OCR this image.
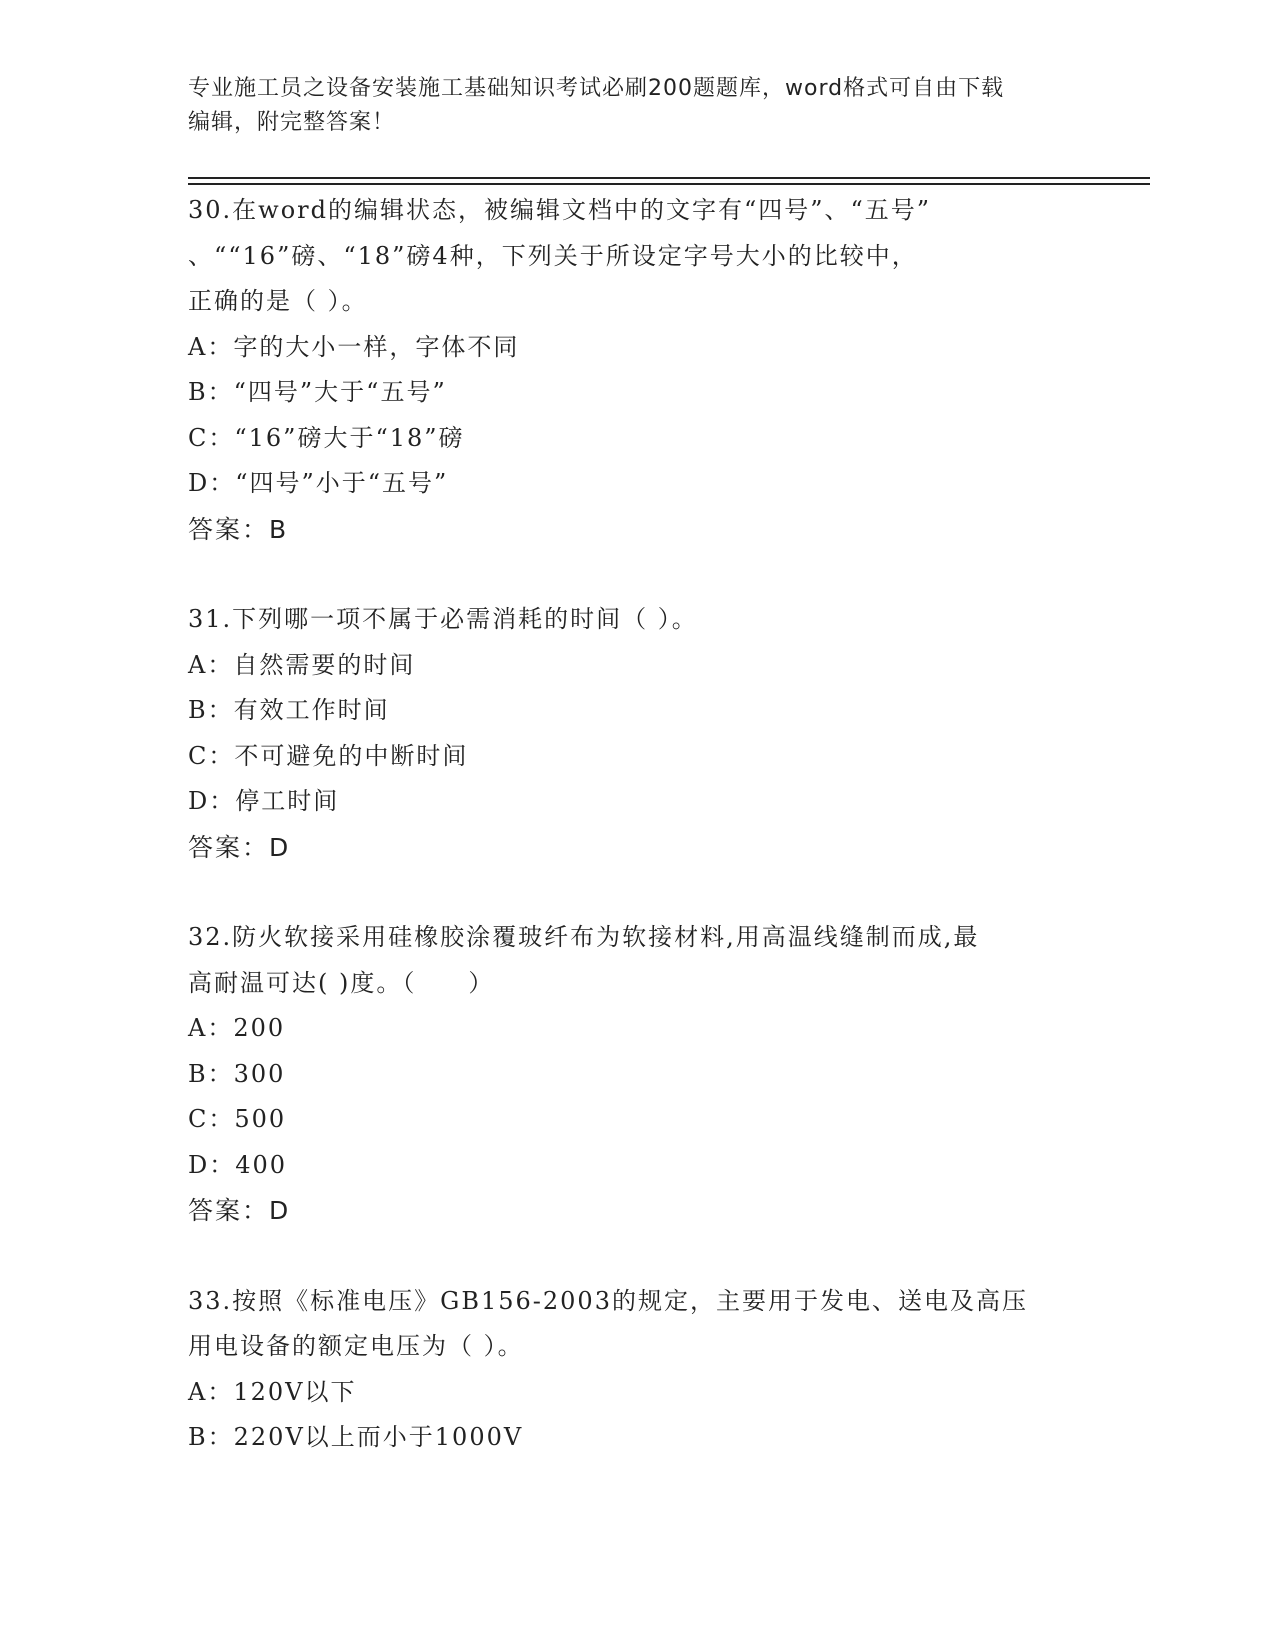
专业施工员之设备安装施工基础知识考试必刷200题题库，word格式可自由下载
编辑，附完整答案！
30.在word的编辑状态，被编辑文档中的文字有“四号”、“五号”
、““16”磅、“18”磅4种，下列关于所设定字号大小的比较中，
正确的是（ ）。
A：字的大小一样，字体不同
B：“四号”大于“五号”
C：“16”磅大于“18”磅
D：“四号”小于“五号”
答案：B
31.下列哪一项不属于必需消耗的时间（ ）。
A：自然需要的时间
B：有效工作时间
C：不可避免的中断时间
D：停工时间
答案：D
32.防火软接采用硅橡胶涂覆玻纤布为软接材料,用高温线缝制而成,最
高耐温可达( )度。（　　）
A：200
B：300
C：500
D：400
答案：D
33.按照《标准电压》GB156-2003的规定，主要用于发电、送电及高压
用电设备的额定电压为（ ）。
A：120V以下
B：220V以上而小于1000V
